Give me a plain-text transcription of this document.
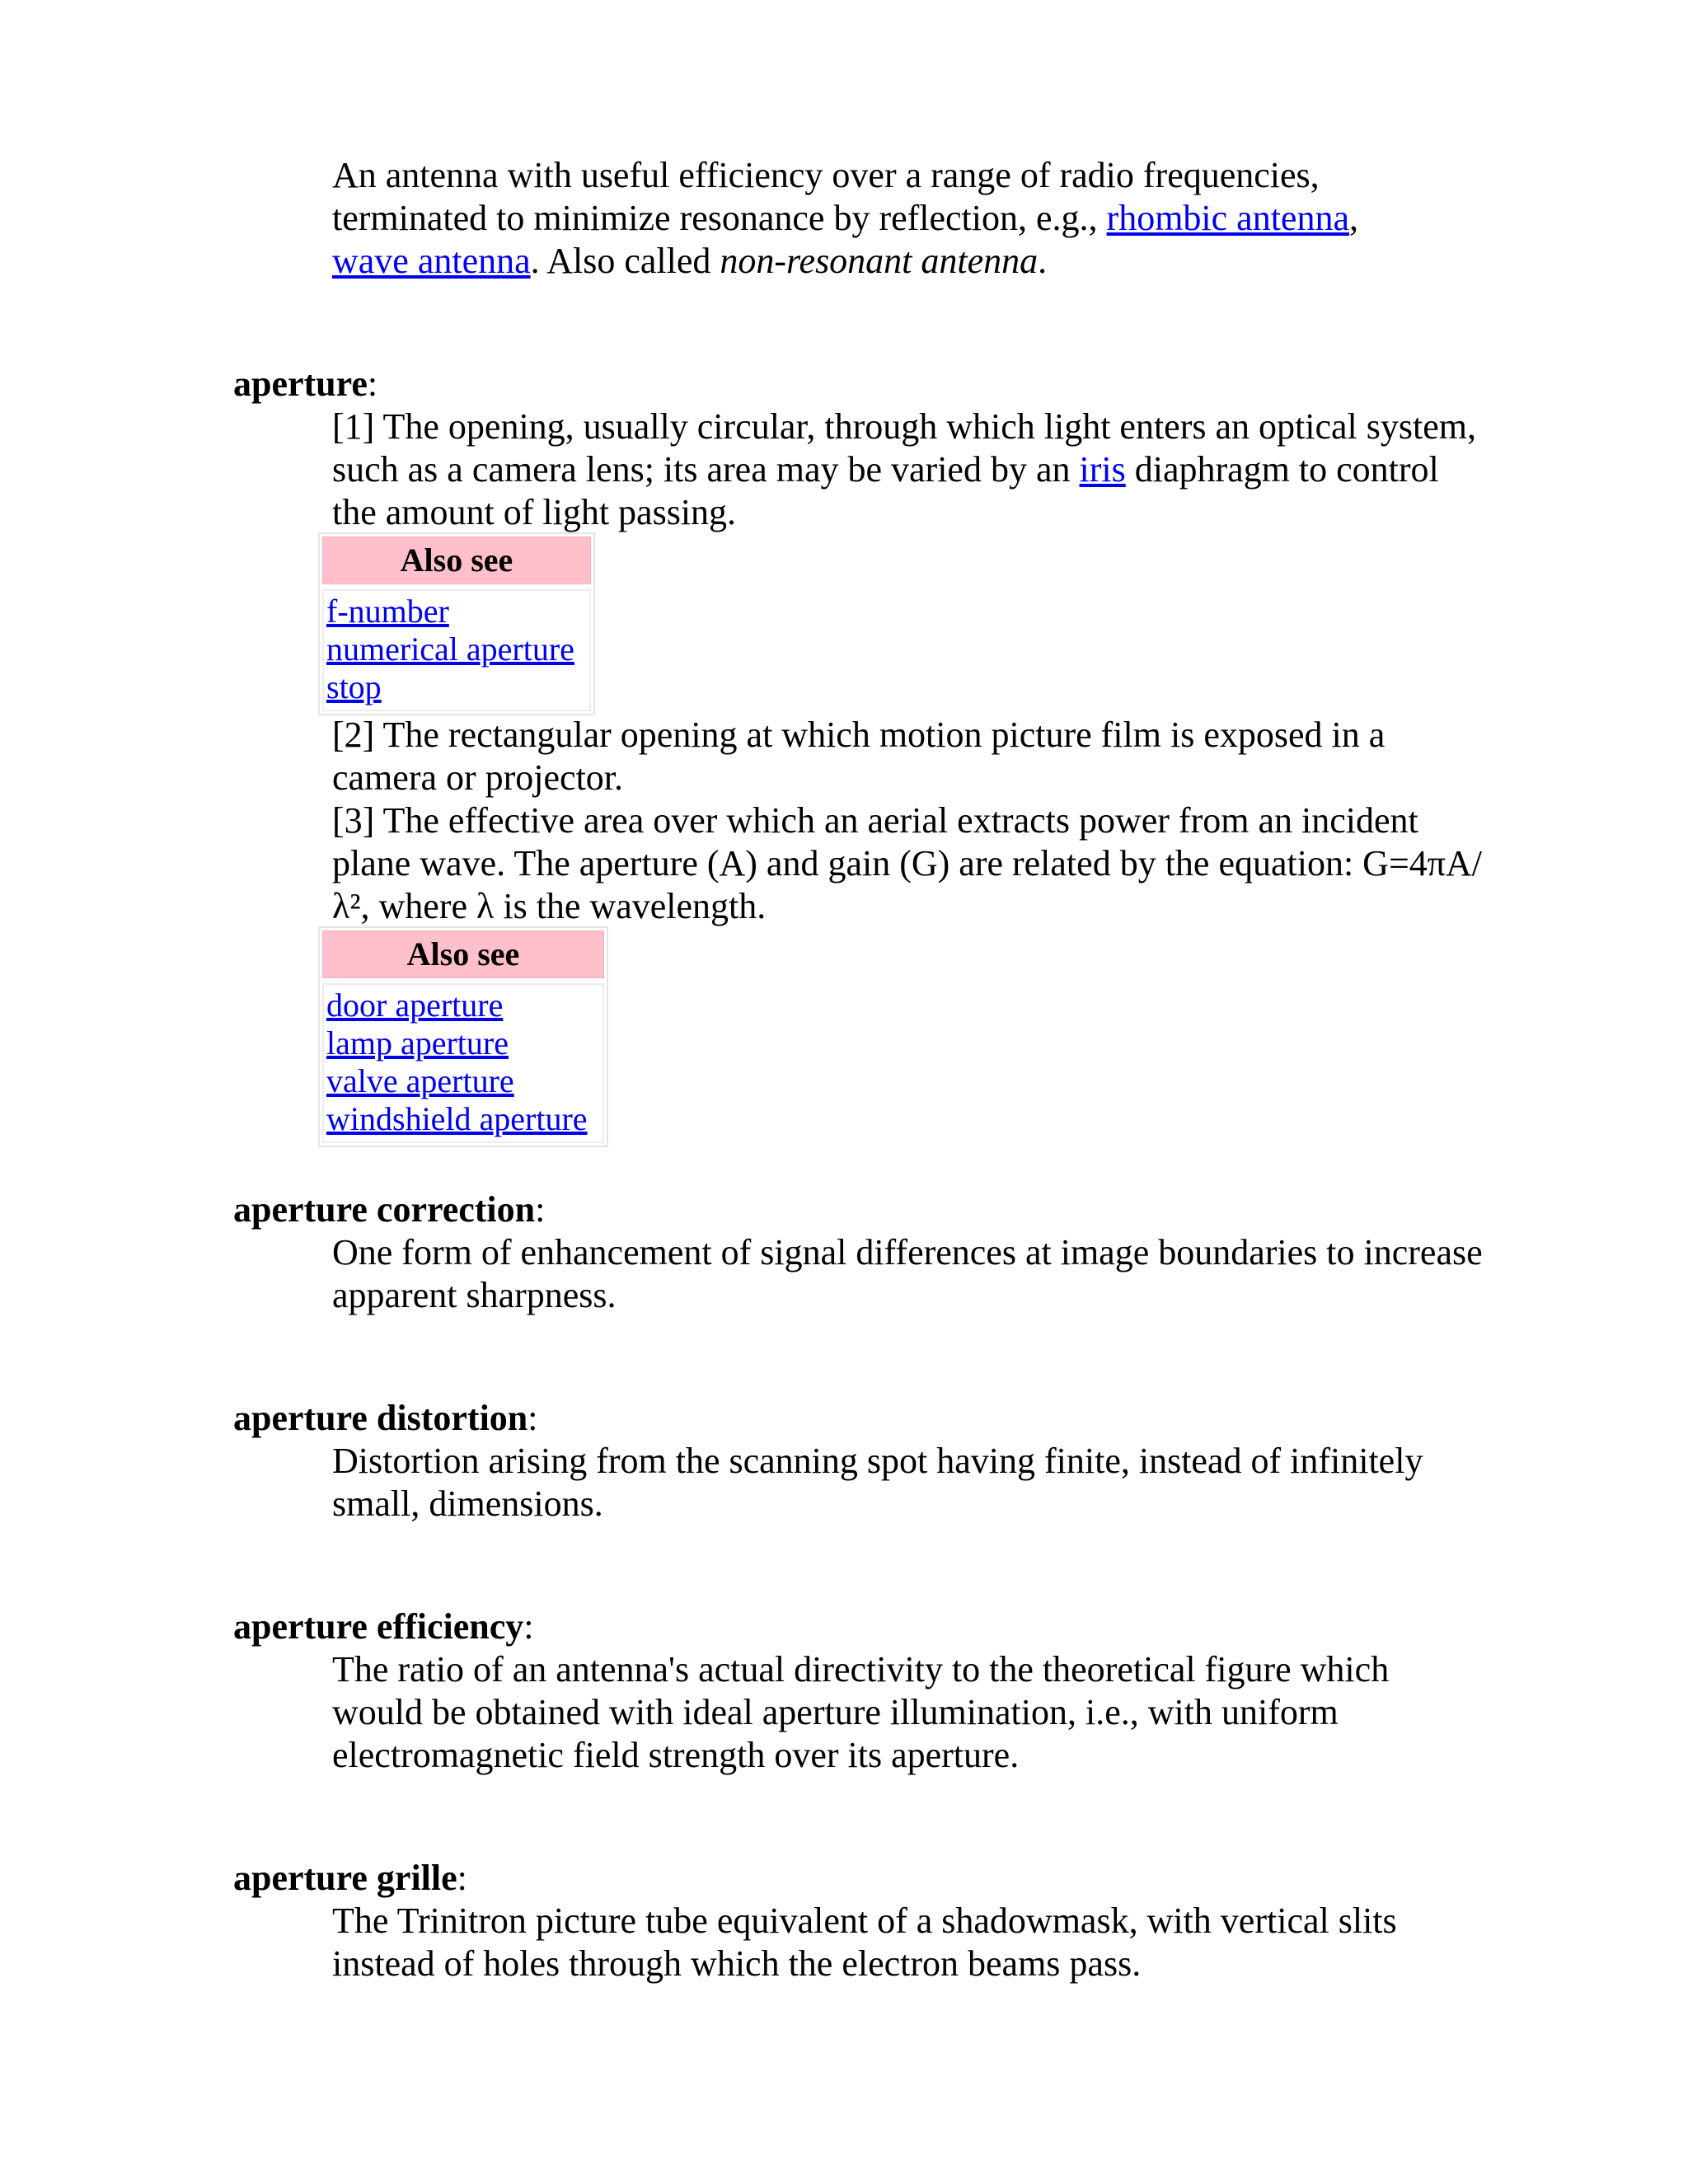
An antenna with useful efficiency over a range of radio frequencies,
terminated to minimize resonance by reflection, e.g., rhombic antenna,
wave antenna. Also called non-resonant antenna.

aperture:

[1] The opening, usually circular, through which light enters an optical system, such as a camera lens; its area may be varied by an iris diaphragm to control the amount of light passing.

Also see
f-number
numerical aperture
stop

[2] The rectangular opening at which motion picture film is exposed in a camera or projector.

[3] The effective area over which an aerial extracts power from an incident plane wave. The aperture (A) and gain (G) are related by the equation: G=4πA/λ², where λ is the wavelength.

Also see
door aperture
lamp aperture
valve aperture
windshield aperture
aperture correction:

One form of enhancement of signal differences at image boundaries to increase apparent sharpness.

aperture distortion:

Distortion arising from the scanning spot having finite, instead of infinitely small, dimensions.

aperture efficiency:

The ratio of an antenna's actual directivity to the theoretical figure which would be obtained with ideal aperture illumination, i.e., with uniform electromagnetic field strength over its aperture.

aperture grille:

The Trinitron picture tube equivalent of a shadowmask, with vertical slits instead of holes through which the electron beams pass.
